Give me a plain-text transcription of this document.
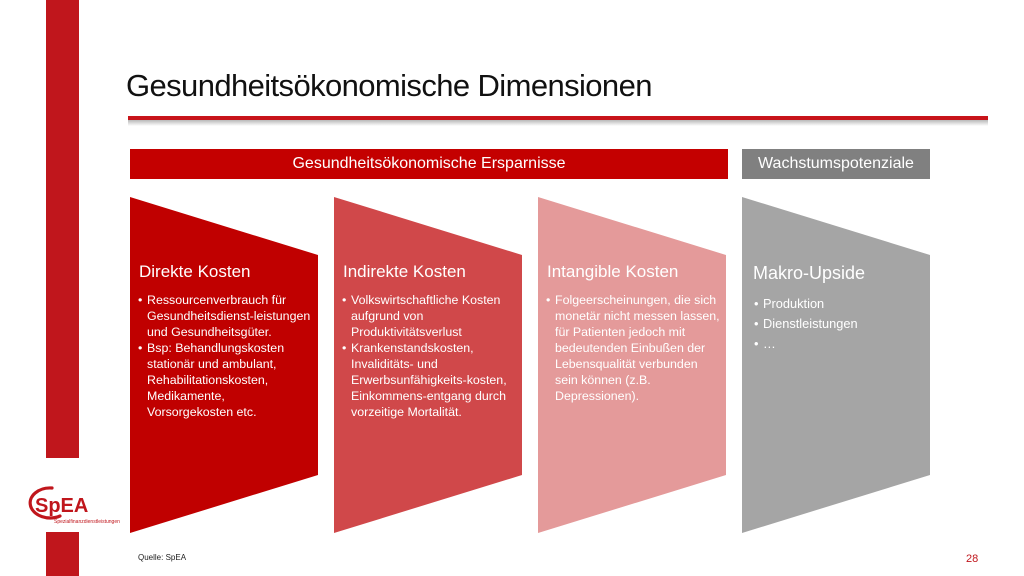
Gesundheitsökonomische Dimensionen
Gesundheitsökonomische Ersparnisse	Wachstumspotenziale
Direkte Kosten
• Ressourcenverbrauch für Gesundheitsdienst-leistungen und Gesundheitsgüter.
• Bsp: Behandlungskosten stationär und ambulant, Rehabilitationskosten, Medikamente, Vorsorgekosten etc.
Indirekte Kosten
• Volkswirtschaftliche Kosten aufgrund von Produktivitätsverlust
• Krankenstandskosten, Invaliditäts- und Erwerbsunfähigkeits-kosten, Einkommens-entgang durch vorzeitige Mortalität.
Intangible Kosten
• Folgeerscheinungen, die sich monetär nicht messen lassen, für Patienten jedoch mit bedeutenden Einbußen der Lebensqualität verbunden sein können (z.B. Depressionen).
Makro-Upside
• Produktion
• Dienstleistungen
• …
SpEA
Spezialfinanzdienstleistungen
Quelle: SpEA	28
